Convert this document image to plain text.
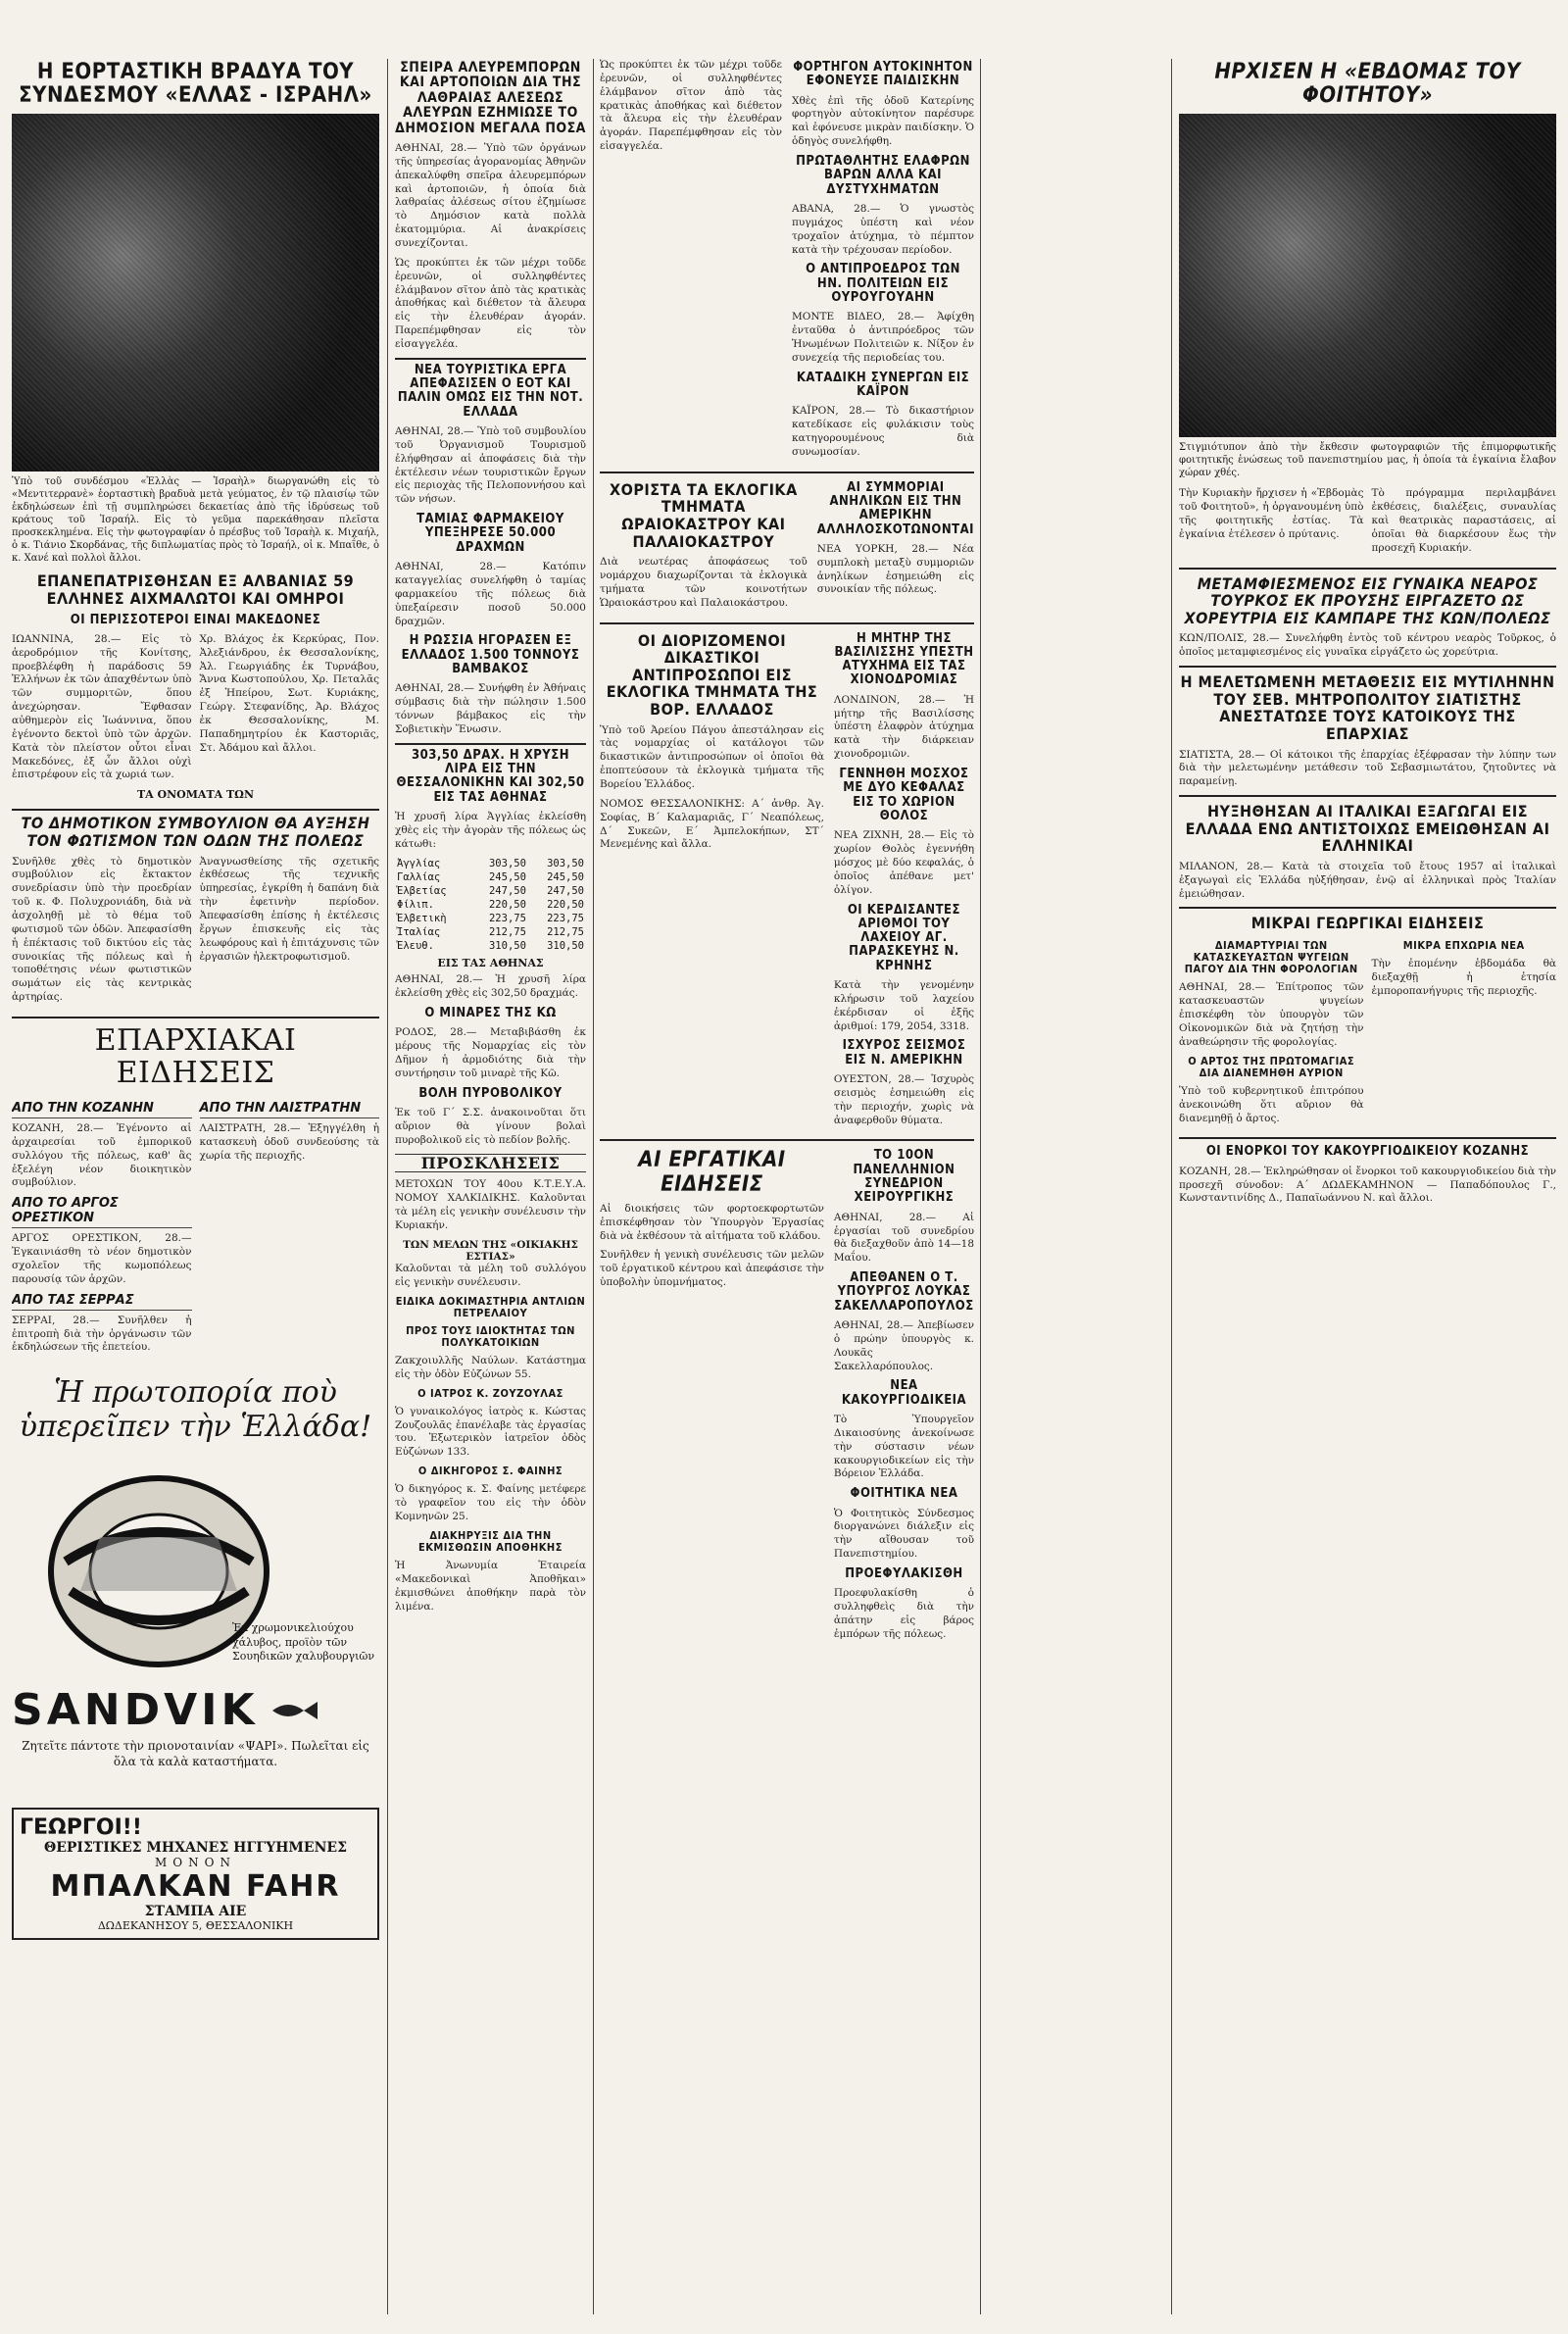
Η ΕΟΡΤΑΣΤΙΚΗ ΒΡΑΔΥΑ ΤΟΥ ΣΥΝΔΕΣΜΟΥ «ΕΛΛΑΣ - ΙΣΡΑΗΛ»
Ὑπὸ τοῦ συνδέσμου «Ἑλλὰς — Ἰσραὴλ» διωργανώθη εἰς τὸ «Μεντιτερρανὲ» ἑορταστικὴ βραδυὰ μετὰ γεύματος, ἐν τῷ πλαισίῳ τῶν ἐκδηλώσεων ἐπὶ τῇ συμπληρώσει δεκαετίας ἀπὸ τῆς ἱδρύσεως τοῦ κράτους τοῦ Ἰσραήλ. Εἰς τὸ γεῦμα παρεκάθησαν πλεῖστα προσκεκλημένα. Εἰς τὴν φωτογραφίαν ὁ πρέσβυς τοῦ Ἰσραὴλ κ. Μιχαήλ, ὁ κ. Τιάνιο Σκορδάνας, τῆς διπλωματίας πρὸς τὸ Ἰσραήλ, οἱ κ. Μπαΐθε, ὁ κ. Χανέ καὶ πολλοὶ ἄλλοι.
ΕΠΑΝΕΠΑΤΡΙΣΘΗΣΑΝ ΕΞ ΑΛΒΑΝΙΑΣ 59 ΕΛΛΗΝΕΣ ΑΙΧΜΑΛΩΤΟΙ ΚΑΙ ΟΜΗΡΟΙ
ΟΙ ΠΕΡΙΣΣΟΤΕΡΟΙ ΕΙΝΑΙ ΜΑΚΕΔΟΝΕΣ

ΙΩΑΝΝΙΝΑ, 28.— Εἰς τὸ ἀεροδρόμιον τῆς Κονίτσης, προεβλέφθη ἡ παράδοσις 59 Ἑλλήνων ἐκ τῶν ἀπαχθέντων ὑπὸ τῶν συμμοριτῶν, ὅπου ἀνεχώρησαν. Ἔφθασαν αὐθημερὸν εἰς Ἰωάννινα, ὅπου ἐγένοντο δεκτοὶ ὑπὸ τῶν ἀρχῶν. Κατὰ τὸν πλείστον οὗτοι εἶναι Μακεδόνες, ἐξ ὧν ἄλλοι οὐχὶ ἐπιστρέφουν εἰς τὰ χωριά των.

Χρ. Βλάχος ἐκ Κερκύρας, Πον. Ἀλεξιάνδρου, ἐκ Θεσσαλονίκης, Ἀλ. Γεωργιάδης ἐκ Τυρνάβου, Ἄννα Κωστοπούλου, Χρ. Πεταλᾶς ἐξ Ἠπείρου, Σωτ. Κυριάκης, Γεώργ. Στεφανίδης, Ἀρ. Βλάχος ἐκ Θεσσαλονίκης, Μ. Παπαδημητρίου ἐκ Καστοριᾶς, Στ. Ἀδάμου καὶ ἄλλοι.

ΤΑ ΟΝΟΜΑΤΑ ΤΩΝ
ΤΟ ΔΗΜΟΤΙΚΟΝ ΣΥΜΒΟΥΛΙΟΝ ΘΑ ΑΥΞΗΣΗ ΤΟΝ ΦΩΤΙΣΜΟΝ ΤΩΝ ΟΔΩΝ ΤΗΣ ΠΟΛΕΩΣ

Συνῆλθε χθὲς τὸ δημοτικὸν συμβούλιον εἰς ἔκτακτον συνεδρίασιν ὑπὸ τὴν προεδρίαν τοῦ κ. Φ. Πολυχρονιάδη, διὰ νὰ ἀσχοληθῇ μὲ τὸ θέμα τοῦ φωτισμοῦ τῶν ὁδῶν. Ἀπεφασίσθη ἡ ἐπέκτασις τοῦ δικτύου εἰς τὰς συνοικίας τῆς πόλεως καὶ ἡ τοποθέτησις νέων φωτιστικῶν σωμάτων εἰς τὰς κεντρικὰς ἀρτηρίας.

Ἀναγνωσθείσης τῆς σχετικῆς ἐκθέσεως τῆς τεχνικῆς ὑπηρεσίας, ἐγκρίθη ἡ δαπάνη διὰ τὴν ἐφετινὴν περίοδον. Ἀπεφασίσθη ἐπίσης ἡ ἐκτέλεσις ἔργων ἐπισκευῆς εἰς τὰς λεωφόρους καὶ ἡ ἐπιτάχυνσις τῶν ἐργασιῶν ἡλεκτροφωτισμοῦ.

ΕΠΑΡΧΙΑΚΑΙ ΕΙΔΗΣΕΙΣ
ΑΠΟ ΤΗΝ ΚΟΖΑΝΗΝ

ΚΟΖΑΝΗ, 28.— Ἐγένοντο αἱ ἀρχαιρεσίαι τοῦ ἐμπορικοῦ συλλόγου τῆς πόλεως, καθ' ἃς ἐξελέγη νέον διοικητικὸν συμβούλιον.

ΑΠΟ ΤΟ ΑΡΓΟΣ ΟΡΕΣΤΙΚΟΝ

ΑΡΓΟΣ ΟΡΕΣΤΙΚΟΝ, 28.— Ἐγκαινιάσθη τὸ νέον δημοτικὸν σχολεῖον τῆς κωμοπόλεως παρουσίᾳ τῶν ἀρχῶν.

ΑΠΟ ΤΑΣ ΣΕΡΡΑΣ

ΣΕΡΡΑΙ, 28.— Συνῆλθεν ἡ ἐπιτροπὴ διὰ τὴν ὀργάνωσιν τῶν ἐκδηλώσεων τῆς ἐπετείου.

ΑΠΟ ΤΗΝ ΛΑΙΣΤΡΑΤΗΝ

ΛΑΙΣΤΡΑΤΗ, 28.— Ἐξηγγέλθη ἡ κατασκευὴ ὁδοῦ συνδεούσης τὰ χωρία τῆς περιοχῆς.

Ἡ πρωτοπορία ποὺ ὑπερεῖπεν τὴν Ἑλλάδα!
Ἐκ χρωμονικελιούχου χάλυβος, προϊὸν τῶν Σουηδικῶν χαλυβουργιῶν
SANDVIK
Ζητεῖτε πάντοτε τὴν πριονοταινίαν «ΨΑΡΙ». Πωλεῖται εἰς ὅλα τὰ καλὰ καταστήματα.
ΓΕΩΡΓΟΙ!!
ΘΕΡΙΣΤΙΚΕΣ ΜΗΧΑΝΕΣ ΗΓΓΥΗΜΕΝΕΣ
ΜΟΝΟΝ
ΜΠΑΛΚΑΝ FAHR
ΣΤΑΜΠΑ ΑΙΕ
ΔΩΔΕΚΑΝΗΣΟΥ 5, ΘΕΣΣΑΛΟΝΙΚΗ
ΣΠΕΙΡΑ ΑΛΕΥΡΕΜΠΟΡΩΝ ΚΑΙ ΑΡΤΟΠΟΙΩΝ ΔΙΑ ΤΗΣ ΛΑΘΡΑΙΑΣ ΑΛΕΣΕΩΣ ΑΛΕΥΡΩΝ ΕΖΗΜΙΩΣΕ ΤΟ ΔΗΜΟΣΙΟΝ ΜΕΓΑΛΑ ΠΟΣΑ

ΑΘΗΝΑΙ, 28.— Ὑπὸ τῶν ὀργάνων τῆς ὑπηρεσίας ἀγορανομίας Ἀθηνῶν ἀπεκαλύφθη σπεῖρα ἀλευρεμπόρων καὶ ἀρτοποιῶν, ἡ ὁποία διὰ λαθραίας ἀλέσεως σίτου ἐζημίωσε τὸ Δημόσιον κατὰ πολλὰ ἑκατομμύρια. Αἱ ἀνακρίσεις συνεχίζονται.

Ὡς προκύπτει ἐκ τῶν μέχρι τοῦδε ἐρευνῶν, οἱ συλληφθέντες ἐλάμβανον σῖτον ἀπὸ τὰς κρατικὰς ἀποθήκας καὶ διέθετον τὰ ἄλευρα εἰς τὴν ἐλευθέραν ἀγοράν. Παρεπέμφθησαν εἰς τὸν εἰσαγγελέα.

ΝΕΑ ΤΟΥΡΙΣΤΙΚΑ ΕΡΓΑ ΑΠΕΦΑΣΙΣΕΝ Ο ΕΟΤ ΚΑΙ ΠΑΛΙΝ ΟΜΩΣ ΕΙΣ ΤΗΝ ΝΟΤ. ΕΛΛΑΔΑ

ΑΘΗΝΑΙ, 28.— Ὑπὸ τοῦ συμβουλίου τοῦ Ὀργανισμοῦ Τουρισμοῦ ἐλήφθησαν αἱ ἀποφάσεις διὰ τὴν ἐκτέλεσιν νέων τουριστικῶν ἔργων εἰς περιοχὰς τῆς Πελοποννήσου καὶ τῶν νήσων.

ΤΑΜΙΑΣ ΦΑΡΜΑΚΕΙΟΥ ΥΠΕΞΗΡΕΣΕ 50.000 ΔΡΑΧΜΩΝ

ΑΘΗΝΑΙ, 28.— Κατόπιν καταγγελίας συνελήφθη ὁ ταμίας φαρμακείου τῆς πόλεως διὰ ὑπεξαίρεσιν ποσοῦ 50.000 δραχμῶν.

Η ΡΩΣΣΙΑ ΗΓΟΡΑΣΕΝ ΕΞ ΕΛΛΑΔΟΣ 1.500 ΤΟΝΝΟΥΣ ΒΑΜΒΑΚΟΣ

ΑΘΗΝΑΙ, 28.— Συνήφθη ἐν Ἀθήναις σύμβασις διὰ τὴν πώλησιν 1.500 τόννων βάμβακος εἰς τὴν Σοβιετικὴν Ἕνωσιν.

303,50 ΔΡΑΧ. Η ΧΡΥΣΗ ΛΙΡΑ ΕΙΣ ΤΗΝ ΘΕΣΣΑΛΟΝΙΚΗΝ ΚΑΙ 302,50 ΕΙΣ ΤΑΣ ΑΘΗΝΑΣ

Ἡ χρυσῆ λίρα Ἀγγλίας ἐκλείσθη χθὲς εἰς τὴν ἀγορὰν τῆς πόλεως ὡς κάτωθι:

Ἀγγλίας	303,50	303,50
Γαλλίας	245,50	245,50
Ἑλβετίας	247,50	247,50
Φίλιπ.	220,50	220,50
Ἑλβετικὴ	223,75	223,75
Ἰταλίας	212,75	212,75
Ἐλευθ.	310,50	310,50
ΕΙΣ ΤΑΣ ΑΘΗΝΑΣ

ΑΘΗΝΑΙ, 28.— Ἡ χρυσῆ λίρα ἐκλείσθη χθὲς εἰς 302,50 δραχμάς.

Ο ΜΙΝΑΡΕΣ ΤΗΣ ΚΩ

ΡΟΔΟΣ, 28.— Μεταβιβάσθη ἐκ μέρους τῆς Νομαρχίας εἰς τὸν Δῆμον ἡ ἀρμοδιότης διὰ τὴν συντήρησιν τοῦ μιναρὲ τῆς Κῶ.

ΒΟΛΗ ΠΥΡΟΒΟΛΙΚΟΥ

Ἐκ τοῦ Γ΄ Σ.Σ. ἀνακοινοῦται ὅτι αὔριον θὰ γίνουν βολαὶ πυροβολικοῦ εἰς τὸ πεδίον βολῆς.

ΠΡΟΣΚΛΗΣΕΙΣ

ΜΕΤΟΧΩΝ ΤΟΥ 40ου Κ.Τ.Ε.Υ.Α. ΝΟΜΟΥ ΧΑΛΚΙΔΙΚΗΣ. Καλοῦνται τὰ μέλη εἰς γενικὴν συνέλευσιν τὴν Κυριακήν.

ΤΩΝ ΜΕΛΩΝ ΤΗΣ «ΟΙΚΙΑΚΗΣ ΕΣΤΙΑΣ»

Καλοῦνται τὰ μέλη τοῦ συλλόγου εἰς γενικὴν συνέλευσιν.

ΕΙΔΙΚΑ ΔΟΚΙΜΑΣΤΗΡΙΑ ΑΝΤΛΙΩΝ ΠΕΤΡΕΛΑΙΟΥ
ΠΡΟΣ ΤΟΥΣ ΙΔΙΟΚΤΗΤΑΣ ΤΩΝ ΠΟΛΥΚΑΤΟΙΚΙΩΝ

Ζακχοιυλλῆς Ναύλων. Κατάστημα εἰς τὴν ὁδὸν Εὐζώνων 55.

Ο ΙΑΤΡΟΣ Κ. ΖΟΥΖΟΥΛΑΣ

Ὁ γυναικολόγος ἰατρὸς κ. Κώστας Ζουζουλᾶς ἐπανέλαβε τὰς ἐργασίας του. Ἐξωτερικὸν ἰατρεῖον ὁδὸς Εὐζώνων 133.

Ο ΔΙΚΗΓΟΡΟΣ Σ. ΦΑΙΝΗΣ

Ὁ δικηγόρος κ. Σ. Φαίνης μετέφερε τὸ γραφεῖον του εἰς τὴν ὁδὸν Κομνηνῶν 25.

ΔΙΑΚΗΡΥΞΙΣ ΔΙΑ ΤΗΝ ΕΚΜΙΣΘΩΣΙΝ ΑΠΟΘΗΚΗΣ

Ἡ Ἀνωνυμία Ἑταιρεία «Μακεδονικαὶ Ἀποθῆκαι» ἐκμισθώνει ἀποθήκην παρὰ τὸν λιμένα.

Ὡς προκύπτει ἐκ τῶν μέχρι τοῦδε ἐρευνῶν, οἱ συλληφθέντες ἐλάμβανον σῖτον ἀπὸ τὰς κρατικὰς ἀποθήκας καὶ διέθετον τὰ ἄλευρα εἰς τὴν ἐλευθέραν ἀγοράν. Παρεπέμφθησαν εἰς τὸν εἰσαγγελέα.

ΦΟΡΤΗΓΟΝ ΑΥΤΟΚΙΝΗΤΟΝ ΕΦΟΝΕΥΣΕ ΠΑΙΔΙΣΚΗΝ

Χθὲς ἐπὶ τῆς ὁδοῦ Κατερίνης φορτηγὸν αὐτοκίνητον παρέσυρε καὶ ἐφόνευσε μικρὰν παιδίσκην. Ὁ ὁδηγὸς συνελήφθη.

ΠΡΩΤΑΘΛΗΤΗΣ ΕΛΑΦΡΩΝ ΒΑΡΩΝ ΑΛΛΑ ΚΑΙ ΔΥΣΤΥΧΗΜΑΤΩΝ

ΑΒΑΝΑ, 28.— Ὁ γνωστὸς πυγμάχος ὑπέστη καὶ νέον τροχαῖον ἀτύχημα, τὸ πέμπτον κατὰ τὴν τρέχουσαν περίοδον.

Ο ΑΝΤΙΠΡΟΕΔΡΟΣ ΤΩΝ ΗΝ. ΠΟΛΙΤΕΙΩΝ ΕΙΣ ΟΥΡΟΥΓΟΥΑΗΝ

ΜΟΝΤΕ ΒΙΔΕΟ, 28.— Ἀφίχθη ἐνταῦθα ὁ ἀντιπρόεδρος τῶν Ἡνωμένων Πολιτειῶν κ. Νίξον ἐν συνεχείᾳ τῆς περιοδείας του.

ΚΑΤΑΔΙΚΗ ΣΥΝΕΡΓΩΝ ΕΙΣ ΚΑΪΡΟΝ

ΚΑΪΡΟΝ, 28.— Τὸ δικαστήριον κατεδίκασε εἰς φυλάκισιν τοὺς κατηγορουμένους διὰ συνωμοσίαν.

ΧΟΡΙΣΤΑ ΤΑ ΕΚΛΟΓΙΚΑ ΤΜΗΜΑΤΑ ΩΡΑΙΟΚΑΣΤΡΟΥ ΚΑΙ ΠΑΛΑΙΟΚΑΣΤΡΟΥ

Διὰ νεωτέρας ἀποφάσεως τοῦ νομάρχου διαχωρίζονται τὰ ἐκλογικὰ τμήματα τῶν κοινοτήτων Ὡραιοκάστρου καὶ Παλαιοκάστρου.

ΑΙ ΣΥΜΜΟΡΙΑΙ ΑΝΗΛΙΚΩΝ ΕΙΣ ΤΗΝ ΑΜΕΡΙΚΗΝ ΑΛΛΗΛΟΣΚΟΤΩΝΟΝΤΑΙ

ΝΕΑ ΥΟΡΚΗ, 28.— Νέα συμπλοκὴ μεταξὺ συμμοριῶν ἀνηλίκων ἐσημειώθη εἰς συνοικίαν τῆς πόλεως.

ΟΙ ΔΙΟΡΙΖΟΜΕΝΟΙ ΔΙΚΑΣΤΙΚΟΙ ΑΝΤΙΠΡΟΣΩΠΟΙ ΕΙΣ ΕΚΛΟΓΙΚΑ ΤΜΗΜΑΤΑ ΤΗΣ ΒΟΡ. ΕΛΛΑΔΟΣ

Ὑπὸ τοῦ Ἀρείου Πάγου ἀπεστάλησαν εἰς τὰς νομαρχίας οἱ κατάλογοι τῶν δικαστικῶν ἀντιπροσώπων οἱ ὁποῖοι θὰ ἐποπτεύσουν τὰ ἐκλογικὰ τμήματα τῆς Βορείου Ἑλλάδος.

ΝΟΜΟΣ ΘΕΣΣΑΛΟΝΙΚΗΣ: Α΄ ἀνθρ. Ἁγ. Σοφίας, Β΄ Καλαμαριᾶς, Γ΄ Νεαπόλεως, Δ΄ Συκεῶν, Ε΄ Ἀμπελοκήπων, ΣΤ΄ Μενεμένης καὶ ἄλλα.

Η ΜΗΤΗΡ ΤΗΣ ΒΑΣΙΛΙΣΣΗΣ ΥΠΕΣΤΗ ΑΤΥΧΗΜΑ ΕΙΣ ΤΑΣ ΧΙΟΝΟΔΡΟΜΙΑΣ

ΛΟΝΔΙΝΟΝ, 28.— Ἡ μήτηρ τῆς Βασιλίσσης ὑπέστη ἐλαφρὸν ἀτύχημα κατὰ τὴν διάρκειαν χιονοδρομιῶν.

ΓΕΝΝΗΘΗ ΜΟΣΧΟΣ ΜΕ ΔΥΟ ΚΕΦΑΛΑΣ ΕΙΣ ΤΟ ΧΩΡΙΟΝ ΘΟΛΟΣ

ΝΕΑ ΖΙΧΝΗ, 28.— Εἰς τὸ χωρίον Θολὸς ἐγεννήθη μόσχος μὲ δύο κεφαλάς, ὁ ὁποῖος ἀπέθανε μετ' ὀλίγον.

ΟΙ ΚΕΡΔΙΣΑΝΤΕΣ ΑΡΙΘΜΟΙ ΤΟΥ ΛΑΧΕΙΟΥ ΑΓ. ΠΑΡΑΣΚΕΥΗΣ Ν. ΚΡΗΝΗΣ

Κατὰ τὴν γενομένην κλήρωσιν τοῦ λαχείου ἐκέρδισαν οἱ ἑξῆς ἀριθμοί: 179, 2054, 3318.

ΙΣΧΥΡΟΣ ΣΕΙΣΜΟΣ ΕΙΣ Ν. ΑΜΕΡΙΚΗΝ

ΟΥΕΣΤΟΝ, 28.— Ἰσχυρὸς σεισμὸς ἐσημειώθη εἰς τὴν περιοχήν, χωρὶς νὰ ἀναφερθοῦν θύματα.

ΑΙ ΕΡΓΑΤΙΚΑΙ ΕΙΔΗΣΕΙΣ

Αἱ διοικήσεις τῶν φορτοεκφορτωτῶν ἐπισκέφθησαν τὸν Ὑπουργὸν Ἐργασίας διὰ νὰ ἐκθέσουν τὰ αἰτήματα τοῦ κλάδου.

Συνῆλθεν ἡ γενικὴ συνέλευσις τῶν μελῶν τοῦ ἐργατικοῦ κέντρου καὶ ἀπεφάσισε τὴν ὑποβολὴν ὑπομνήματος.

ΤΟ 10ΟΝ ΠΑΝΕΛΛΗΝΙΟΝ ΣΥΝΕΔΡΙΟΝ ΧΕΙΡΟΥΡΓΙΚΗΣ

ΑΘΗΝΑΙ, 28.— Αἱ ἐργασίαι τοῦ συνεδρίου θὰ διεξαχθοῦν ἀπὸ 14—18 Μαΐου.

ΑΠΕΘΑΝΕΝ Ο Τ. ΥΠΟΥΡΓΟΣ ΛΟΥΚΑΣ ΣΑΚΕΛΛΑΡΟΠΟΥΛΟΣ

ΑΘΗΝΑΙ, 28.— Ἀπεβίωσεν ὁ πρώην ὑπουργὸς κ. Λουκᾶς Σακελλαρόπουλος.

ΝΕΑ ΚΑΚΟΥΡΓΙΟΔΙΚΕΙΑ

Τὸ Ὑπουργεῖον Δικαιοσύνης ἀνεκοίνωσε τὴν σύστασιν νέων κακουργιοδικείων εἰς τὴν Βόρειον Ἑλλάδα.

ΦΟΙΤΗΤΙΚΑ ΝΕΑ

Ὁ Φοιτητικὸς Σύνδεσμος διοργανώνει διάλεξιν εἰς τὴν αἴθουσαν τοῦ Πανεπιστημίου.

ΠΡΟΕΦΥΛΑΚΙΣΘΗ

Προεφυλακίσθη ὁ συλληφθεὶς διὰ τὴν ἀπάτην εἰς βάρος ἐμπόρων τῆς πόλεως.

ΗΡΧΙΣΕΝ Η «ΕΒΔΟΜΑΣ ΤΟΥ ΦΟΙΤΗΤΟΥ»
Στιγμιότυπον ἀπὸ τὴν ἔκθεσιν φωτογραφιῶν τῆς ἐπιμορφωτικῆς φοιτητικῆς ἑνώσεως τοῦ πανεπιστημίου μας, ἡ ὁποία τὰ ἐγκαίνια ἔλαβον χώραν χθές.

Τὴν Κυριακὴν ἤρχισεν ἡ «Ἑβδομὰς τοῦ Φοιτητοῦ», ἡ ὀργανουμένη ὑπὸ τῆς φοιτητικῆς ἑστίας. Τὰ ἐγκαίνια ἐτέλεσεν ὁ πρύτανις.

Τὸ πρόγραμμα περιλαμβάνει ἐκθέσεις, διαλέξεις, συναυλίας καὶ θεατρικὰς παραστάσεις, αἱ ὁποῖαι θὰ διαρκέσουν ἕως τὴν προσεχῆ Κυριακήν.

ΜΕΤΑΜΦΙΕΣΜΕΝΟΣ ΕΙΣ ΓΥΝΑΙΚΑ ΝΕΑΡΟΣ ΤΟΥΡΚΟΣ ΕΚ ΠΡΟΥΣΗΣ ΕΙΡΓΑΖΕΤΟ ΩΣ ΧΟΡΕΥΤΡΙΑ ΕΙΣ ΚΑΜΠΑΡΕ ΤΗΣ ΚΩΝ/ΠΟΛΕΩΣ

ΚΩΝ/ΠΟΛΙΣ, 28.— Συνελήφθη ἐντὸς τοῦ κέντρου νεαρὸς Τοῦρκος, ὁ ὁποῖος μεταμφιεσμένος εἰς γυναῖκα εἰργάζετο ὡς χορεύτρια.

Η ΜΕΛΕΤΩΜΕΝΗ ΜΕΤΑΘΕΣΙΣ ΕΙΣ ΜΥΤΙΛΗΝΗΝ ΤΟΥ ΣΕΒ. ΜΗΤΡΟΠΟΛΙΤΟΥ ΣΙΑΤΙΣΤΗΣ ΑΝΕΣΤΑΤΩΣΕ ΤΟΥΣ ΚΑΤΟΙΚΟΥΣ ΤΗΣ ΕΠΑΡΧΙΑΣ

ΣΙΑΤΙΣΤΑ, 28.— Οἱ κάτοικοι τῆς ἐπαρχίας ἐξέφρασαν τὴν λύπην των διὰ τὴν μελετωμένην μετάθεσιν τοῦ Σεβασμιωτάτου, ζητοῦντες νὰ παραμείνῃ.

ΗΥΞΗΘΗΣΑΝ ΑΙ ΙΤΑΛΙΚΑΙ ΕΞΑΓΩΓΑΙ ΕΙΣ ΕΛΛΑΔΑ ΕΝΩ ΑΝΤΙΣΤΟΙΧΩΣ ΕΜΕΙΩΘΗΣΑΝ ΑΙ ΕΛΛΗΝΙΚΑΙ

ΜΙΛΑΝΟΝ, 28.— Κατὰ τὰ στοιχεῖα τοῦ ἔτους 1957 αἱ ἰταλικαὶ ἐξαγωγαὶ εἰς Ἑλλάδα ηὐξήθησαν, ἐνῷ αἱ ἑλληνικαὶ πρὸς Ἰταλίαν ἐμειώθησαν.

ΜΙΚΡΑΙ ΓΕΩΡΓΙΚΑΙ ΕΙΔΗΣΕΙΣ
ΔΙΑΜΑΡΤΥΡΙΑΙ ΤΩΝ ΚΑΤΑΣΚΕΥΑΣΤΩΝ ΨΥΓΕΙΩΝ ΠΑΓΟΥ ΔΙΑ ΤΗΝ ΦΟΡΟΛΟΓΙΑΝ

ΑΘΗΝΑΙ, 28.— Ἐπίτροπος τῶν κατασκευαστῶν ψυγείων ἐπισκέφθη τὸν ὑπουργὸν τῶν Οἰκονομικῶν διὰ νὰ ζητήσῃ τὴν ἀναθεώρησιν τῆς φορολογίας.

Ο ΑΡΤΟΣ ΤΗΣ ΠΡΩΤΟΜΑΓΙΑΣ ΔΙΑ ΔΙΑΝΕΜΗΘΗ ΑΥΡΙΟΝ

Ὑπὸ τοῦ κυβερνητικοῦ ἐπιτρόπου ἀνεκοινώθη ὅτι αὔριον θὰ διανεμηθῇ ὁ ἄρτος.

ΜΙΚΡΑ ΕΠΧΩΡΙΑ ΝΕΑ

Τὴν ἐπομένην ἑβδομάδα θὰ διεξαχθῇ ἡ ἐτησία ἐμποροπανήγυρις τῆς περιοχῆς.

ΟΙ ΕΝΟΡΚΟΙ ΤΟΥ ΚΑΚΟΥΡΓΙΟΔΙΚΕΙΟΥ ΚΟΖΑΝΗΣ

ΚΟΖΑΝΗ, 28.— Ἐκληρώθησαν οἱ ἔνορκοι τοῦ κακουργιοδικείου διὰ τὴν προσεχῆ σύνοδον: Α΄ ΔΩΔΕΚΑΜΗΝΟΝ — Παπαδόπουλος Γ., Κωνσταντινίδης Δ., Παπαϊωάννου Ν. καὶ ἄλλοι.
